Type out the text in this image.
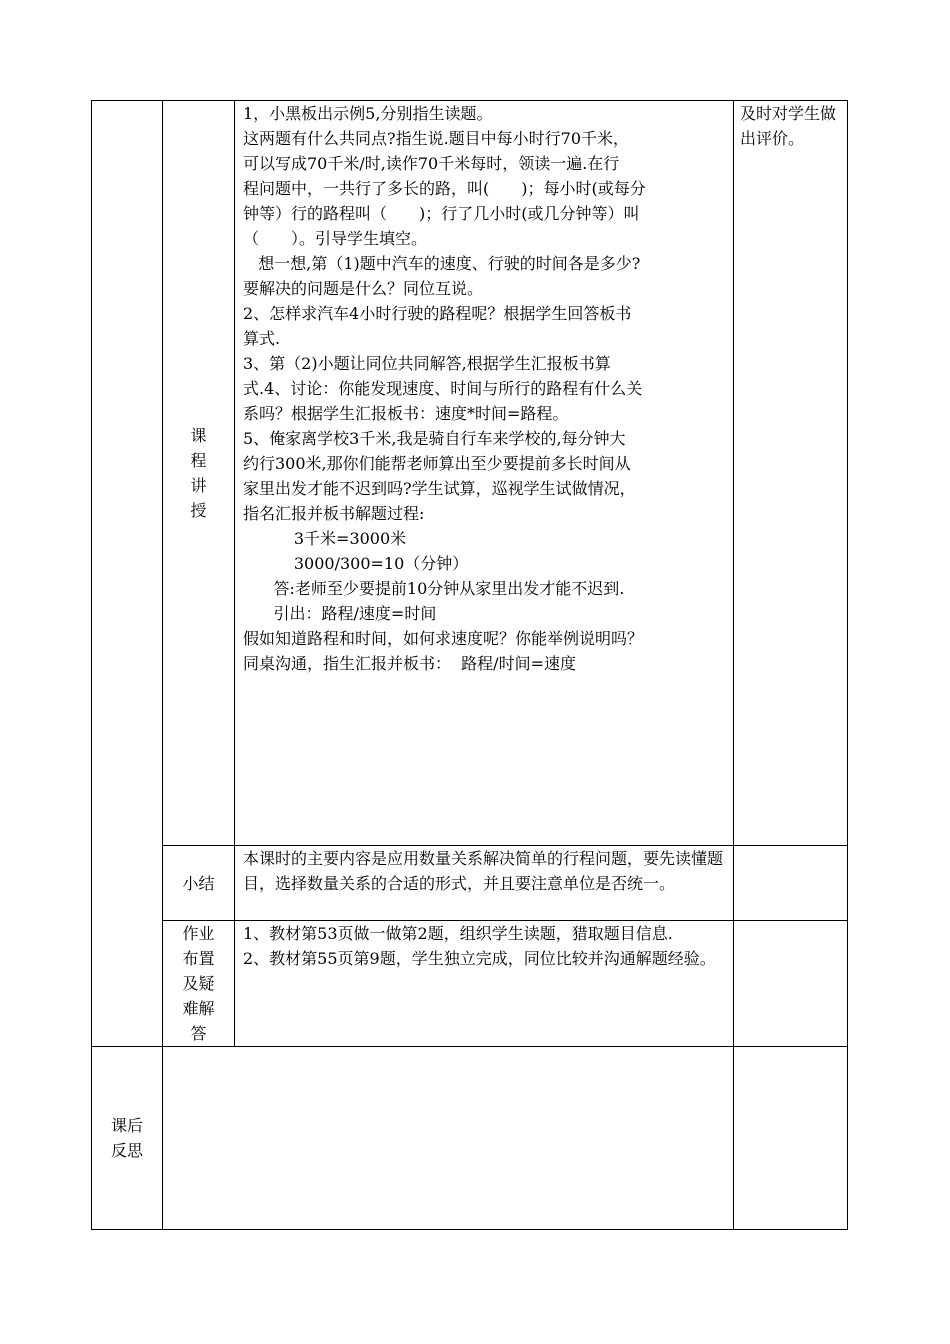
课程讲授

1，小黑板出示例5,分别指生读题。

这两题有什么共同点?指生说.题目中每小时行70千米，

可以写成70千米/时,读作70千米每时，领读一遍.在行

程问题中，一共行了多长的路，叫(　　)；每小时(或每分

钟等）行的路程叫（　　)；行了几小时(或几分钟等）叫

（　　）。引导学生填空。

想一想,第（1)题中汽车的速度、行驶的时间各是多少?

要解决的问题是什么？同位互说。

2、怎样求汽车4小时行驶的路程呢？根据学生回答板书

算式.

3、第（2)小题让同位共同解答,根据学生汇报板书算

式.4、讨论：你能发现速度、时间与所行的路程有什么关

系吗？根据学生汇报板书：速度*时间=路程。

5、俺家离学校3千米,我是骑自行车来学校的,每分钟大

约行300米,那你们能帮老师算出至少要提前多长时间从

家里出发才能不迟到吗?学生试算，巡视学生试做情况，

指名汇报并板书解题过程:

3千米=3000米

3000/300=10（分钟）

答:老师至少要提前10分钟从家里出发才能不迟到.

引出：路程/速度=时间

假如知道路程和时间，如何求速度呢？你能举例说明吗？

同桌沟通，指生汇报并板书：  路程/时间=速度

及时对学生做出评价。

小结

本课时的主要内容是应用数量关系解决简单的行程问题，要先读懂题目，选择数量关系的合适的形式，并且要注意单位是否统一。

作业布置及疑难解答

1、教材第53页做一做第2题，组织学生读题，猎取题目信息.

2、教材第55页第9题，学生独立完成，同位比较并沟通解题经验。

课后反思
